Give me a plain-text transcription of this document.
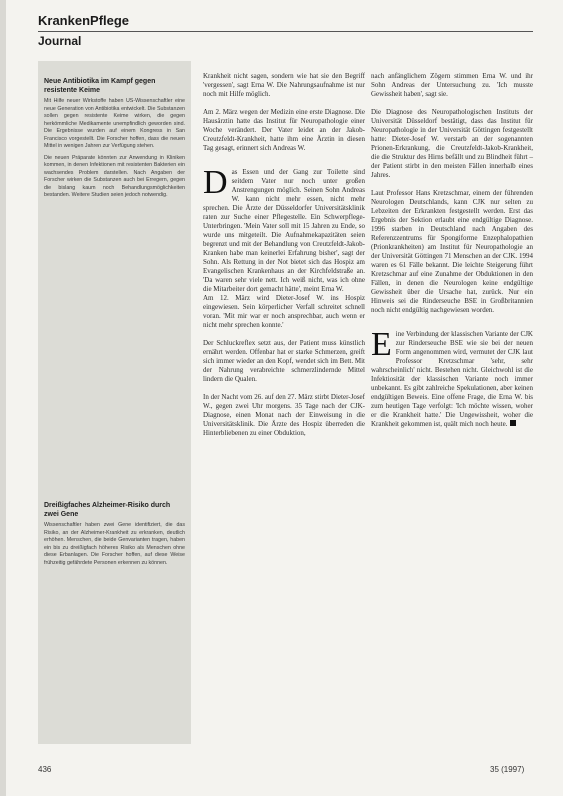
KrankenPflege
Journal
Neue Antibiotika im Kampf gegen resistente Keime
Mit Hilfe neuer Wirkstoffe haben US-Wissenschaftler eine neue Generation von Antibiotika entwickelt. Die Substanzen sollen gegen resistente Keime wirken, die gegen herkömmliche Medikamente unempfindlich geworden sind. Die Ergebnisse wurden auf einem Kongress in San Francisco vorgestellt. Die Forscher hoffen, dass die neuen Mittel in wenigen Jahren zur Verfügung stehen.
Die neuen Präparate könnten zur Anwendung in Kliniken kommen, in denen Infektionen mit resistenten Bakterien ein wachsendes Problem darstellen. Nach Angaben der Forscher wirken die Substanzen auch bei Erregern, gegen die bislang kaum noch Behandlungsmöglichkeiten bestanden. Weitere Studien seien jedoch notwendig.
Dreißigfaches Alzheimer-Risiko durch zwei Gene
Wissenschaftler haben zwei Gene identifiziert, die das Risiko, an der Alzheimer-Krankheit zu erkranken, deutlich erhöhen. Menschen, die beide Genvarianten tragen, haben ein bis zu dreißigfach höheres Risiko als Menschen ohne diese Erbanlagen. Die Forscher hoffen, auf diese Weise frühzeitig gefährdete Personen erkennen zu können.
Krankheit nicht sagen, sondern wie hat sie den Begriff 'vergessen', sagt Erna W. Die Nahrungsaufnahme ist nur noch mit Hilfe möglich.

Am 2. März wegen der Medizin eine erste Diagnose. Die Hausärztin hatte das Institut für Neuropathologie einer Woche verändert. Der Vater leidet an der Jakob-Creutzfeldt-Krankheit, hatte ihm eine Ärztin in diesen Tag gesagt, erinnert sich Andreas W.

Das Essen und der Gang zur Toilette sind seitdem Vater nur noch unter großen Anstrengungen möglich. Seinen Sohn Andreas W. kann nicht mehr essen, nicht mehr sprechen. Die Ärzte der Düsseldorfer Universitätsklinik raten zur Suche einer Pflegestelle. Ein Schwerpflege-Unterbringen. 'Mein Vater soll mit 15 Jahren zu Ende, so wurde uns mitgeteilt. Die Aufnahmekapazitäten seien begrenzt und mit der Behandlung von Creutzfeldt-Jakob-Kranken habe man keinerlei Erfahrung bisher', sagt der Sohn. Als Rettung in der Not bietet sich das Hospiz am Evangelischen Krankenhaus an der Kirchfeldstraße an. 'Da waren sehr viele nett. Ich weiß nicht, was ich ohne die Mitarbeiter dort gemacht hätte', meint Erna W.
Am 12. März wird Dieter-Josef W. ins Hospiz eingewiesen. Sein körperlicher Verfall schreitet schnell voran. 'Mit mir war er noch ansprechbar, auch wenn er nicht mehr sprechen konnte.'

Der Schluckreflex setzt aus, der Patient muss künstlich ernährt werden. Offenbar hat er starke Schmerzen, greift sich immer wieder an den Kopf, wendet sich im Bett. Mit der Nahrung verabreichte schmerzlindernde Mittel lindern die Qualen.

In der Nacht vom 26. auf den 27. März stirbt Dieter-Josef W., gegen zwei Uhr morgens. 35 Tage nach der CJK-Diagnose, einen Monat nach der Einweisung in die Universitätsklinik. Die Ärzte des Hospiz überreden die Hinterbliebenen zu einer Obduktion,

nach anfänglichem Zögern stimmen Erna W. und ihr Sohn Andreas der Untersuchung zu. 'Ich musste Gewissheit haben', sagt sie.

Die Diagnose des Neuropathologischen Instituts der Universität Düsseldorf bestätigt, dass das Institut für Neuropathologie in der Universität Göttingen festgestellt hatte: Dieter-Josef W. verstarb an der sogenannten Prionen-Erkrankung, die Creutzfeldt-Jakob-Krankheit, die die Struktur des Hirns befällt und zu Blindheit führt – der Patient stirbt in den meisten Fällen innerhalb eines Jahres.

Laut Professor Hans Kretzschmar, einem der führenden Neurologen Deutschlands, kann CJK nur selten zu Lebzeiten der Erkrankten festgestellt werden. Erst das Ergebnis der Sektion erlaubt eine endgültige Diagnose. 1996 starben in Deutschland nach Angaben des Referenzzentrums für Spongiforme Enzephalopathien (Prionkrankheiten) am Institut für Neuropathologie an der Universität Göttingen 71 Menschen an der CJK. 1994 waren es 61 Fälle bekannt. Die leichte Steigerung führt Kretzschmar auf eine Zunahme der Obduktionen in den Fällen, in denen die Neurologen keine endgültige Gewissheit über die Ursache hat, zurück. Nur ein Hinweis sei die Rinderseuche BSE in Großbritannien noch nicht endgültig nachgewiesen worden.

Eine Verbindung der klassischen Variante der CJK zur Rinderseuche BSE wie sie bei der neuen Form angenommen wird, vermutet der CJK laut Professor Kretzschmar 'sehr, sehr wahrscheinlich' nicht. Bestehen nicht. Gleichwohl ist die Infektiosität der klassischen Variante noch immer unbekannt. Es gibt zahlreiche Spekulationen, aber keinen endgültigen Beweis. Eine offene Frage, die Erna W. bis zum heutigen Tage verfolgt: 'Ich möchte wissen, woher er die Krankheit hatte.' Die Ungewissheit, woher die Krankheit gekommen ist, quält mich noch heute.

436	35 (1997)
